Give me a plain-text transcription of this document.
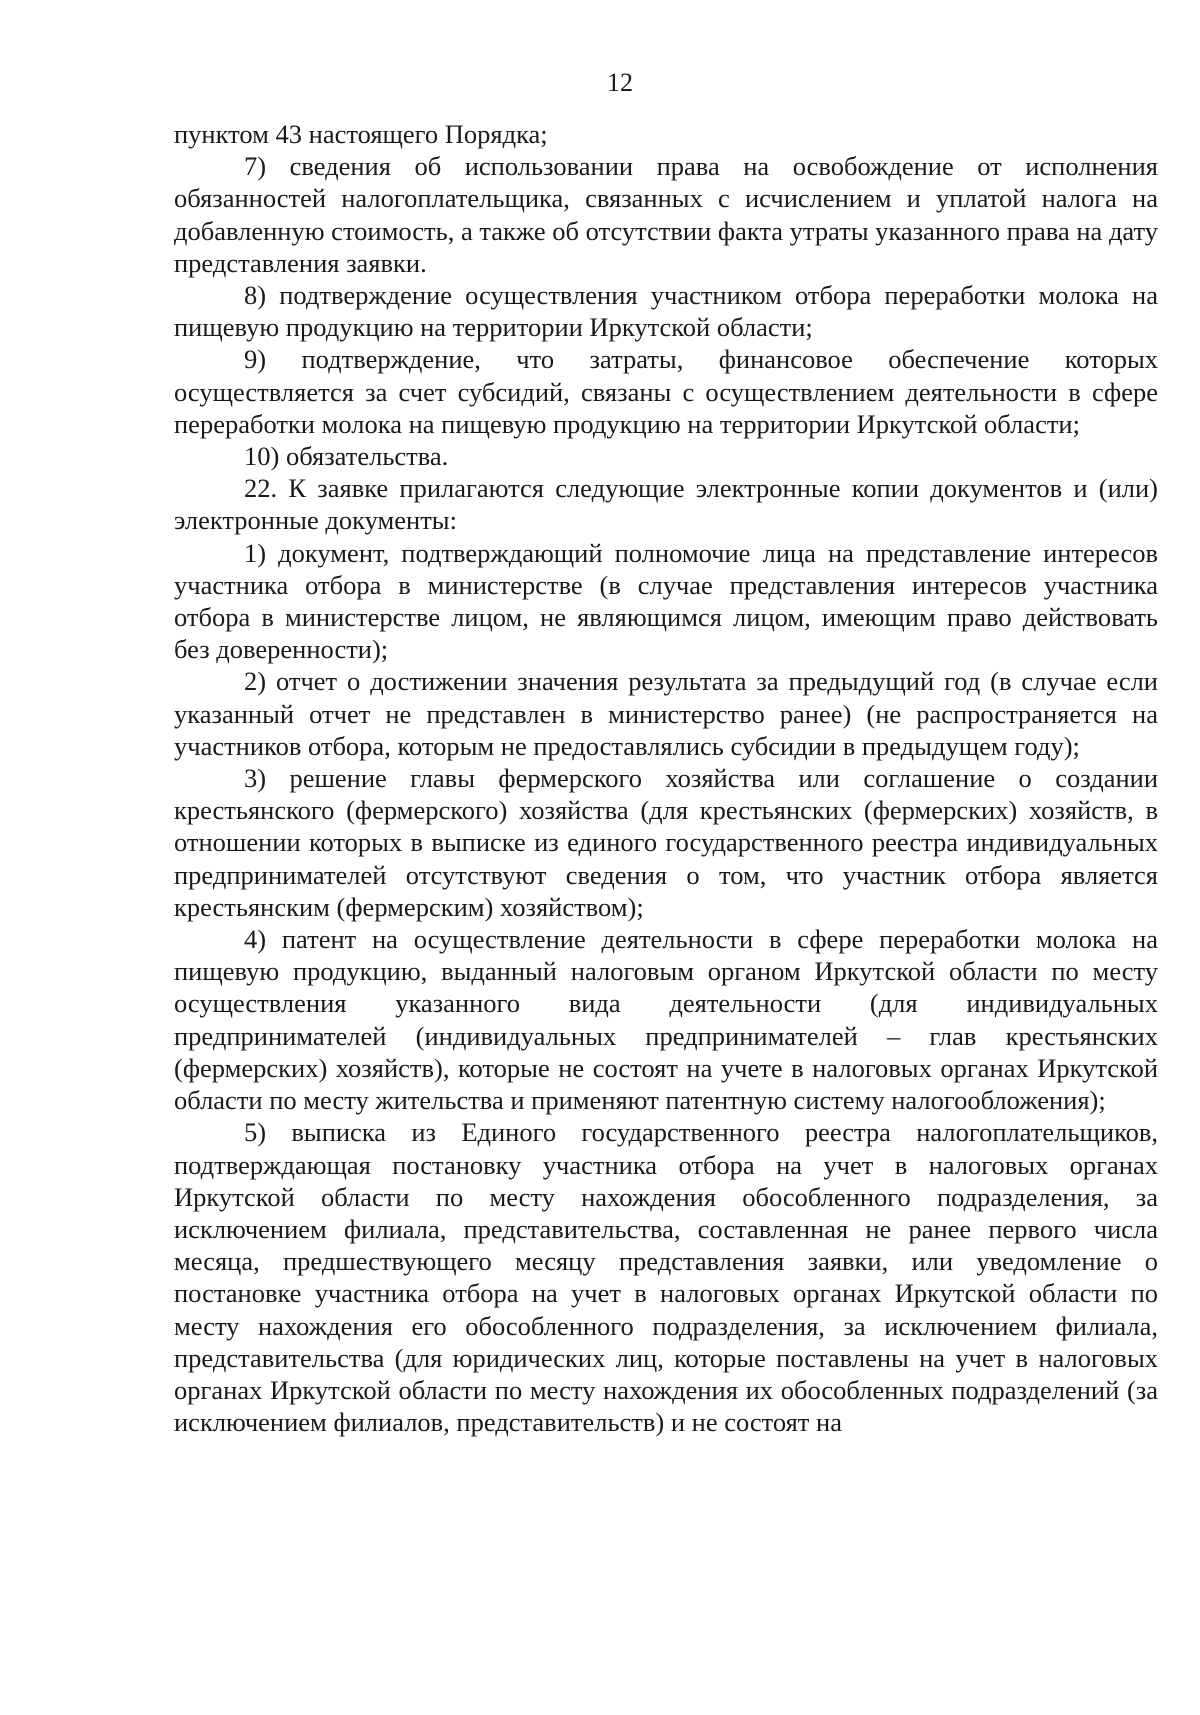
12

пунктом 43 настоящего Порядка;

7) сведения об использовании права на освобождение от исполнения обязанностей налогоплательщика, связанных с исчислением и уплатой налога на добавленную стоимость, а также об отсутствии факта утраты указанного права на дату представления заявки.

8) подтверждение осуществления участником отбора переработки молока на пищевую продукцию на территории Иркутской области;

9) подтверждение, что затраты, финансовое обеспечение которых осуществляется за счет субсидий, связаны с осуществлением деятельности в сфере переработки молока на пищевую продукцию на территории Иркутской области;

10) обязательства.

22. К заявке прилагаются следующие электронные копии документов и (или) электронные документы:

1) документ, подтверждающий полномочие лица на представление интересов участника отбора в министерстве (в случае представления интересов участника отбора в министерстве лицом, не являющимся лицом, имеющим право действовать без доверенности);

2) отчет о достижении значения результата за предыдущий год (в случае если указанный отчет не представлен в министерство ранее) (не распространяется на участников отбора, которым не предоставлялись субсидии в предыдущем году);

3) решение главы фермерского хозяйства или соглашение о создании крестьянского (фермерского) хозяйства (для крестьянских (фермерских) хозяйств, в отношении которых в выписке из единого государственного реестра индивидуальных предпринимателей отсутствуют сведения о том, что участник отбора является крестьянским (фермерским) хозяйством);

4) патент на осуществление деятельности в сфере переработки молока на пищевую продукцию, выданный налоговым органом Иркутской области по месту осуществления указанного вида деятельности (для индивидуальных предпринимателей (индивидуальных предпринимателей – глав крестьянских (фермерских) хозяйств), которые не состоят на учете в налоговых органах Иркутской области по месту жительства и применяют патентную систему налогообложения);

5) выписка из Единого государственного реестра налогоплательщиков, подтверждающая постановку участника отбора на учет в налоговых органах Иркутской области по месту нахождения обособленного подразделения, за исключением филиала, представительства, составленная не ранее первого числа месяца, предшествующего месяцу представления заявки, или уведомление о постановке участника отбора на учет в налоговых органах Иркутской области по месту нахождения его обособленного подразделения, за исключением филиала, представительства (для юридических лиц, которые поставлены на учет в налоговых органах Иркутской области по месту нахождения их обособленных подразделений (за исключением филиалов, представительств) и не состоят на
